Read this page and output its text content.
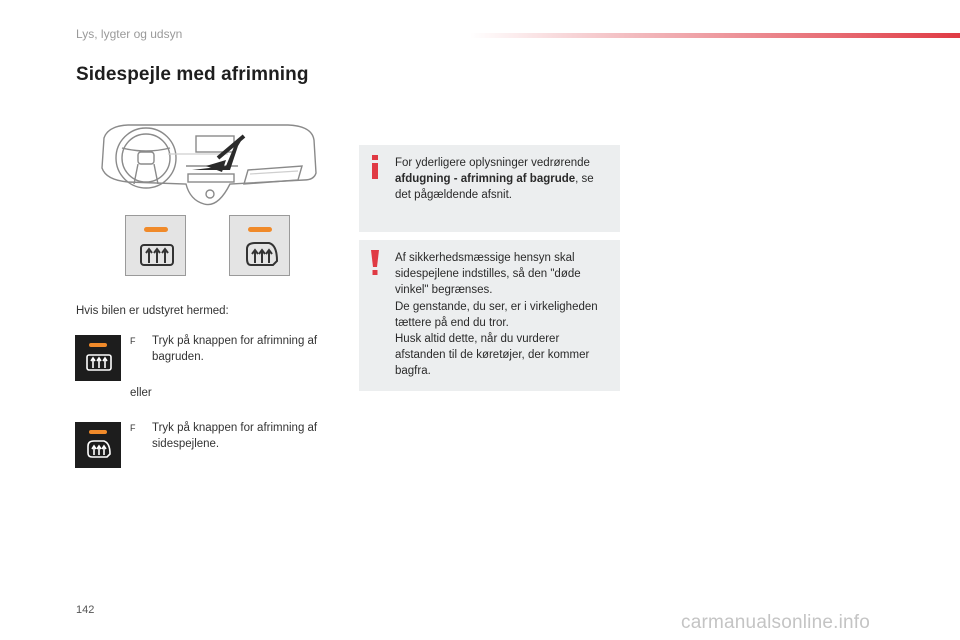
Lys, lygter og udsyn
Sidespejle med afrimning
Hvis bilen er udstyret hermed:
F	Tryk på knappen for afrimning af bagruden.
eller
F	Tryk på knappen for afrimning af sidespejlene.
For yderligere oplysninger vedrørende afdugning - afrimning af bagrude, se det pågældende afsnit.
Af sikkerhedsmæssige hensyn skal sidespejlene indstilles, så den "døde vinkel" begrænses.
De genstande, du ser, er i virkeligheden tættere på end du tror.
Husk altid dette, når du vurderer afstanden til de køretøjer, der kommer bagfra.
142
carmanualsonline.info
